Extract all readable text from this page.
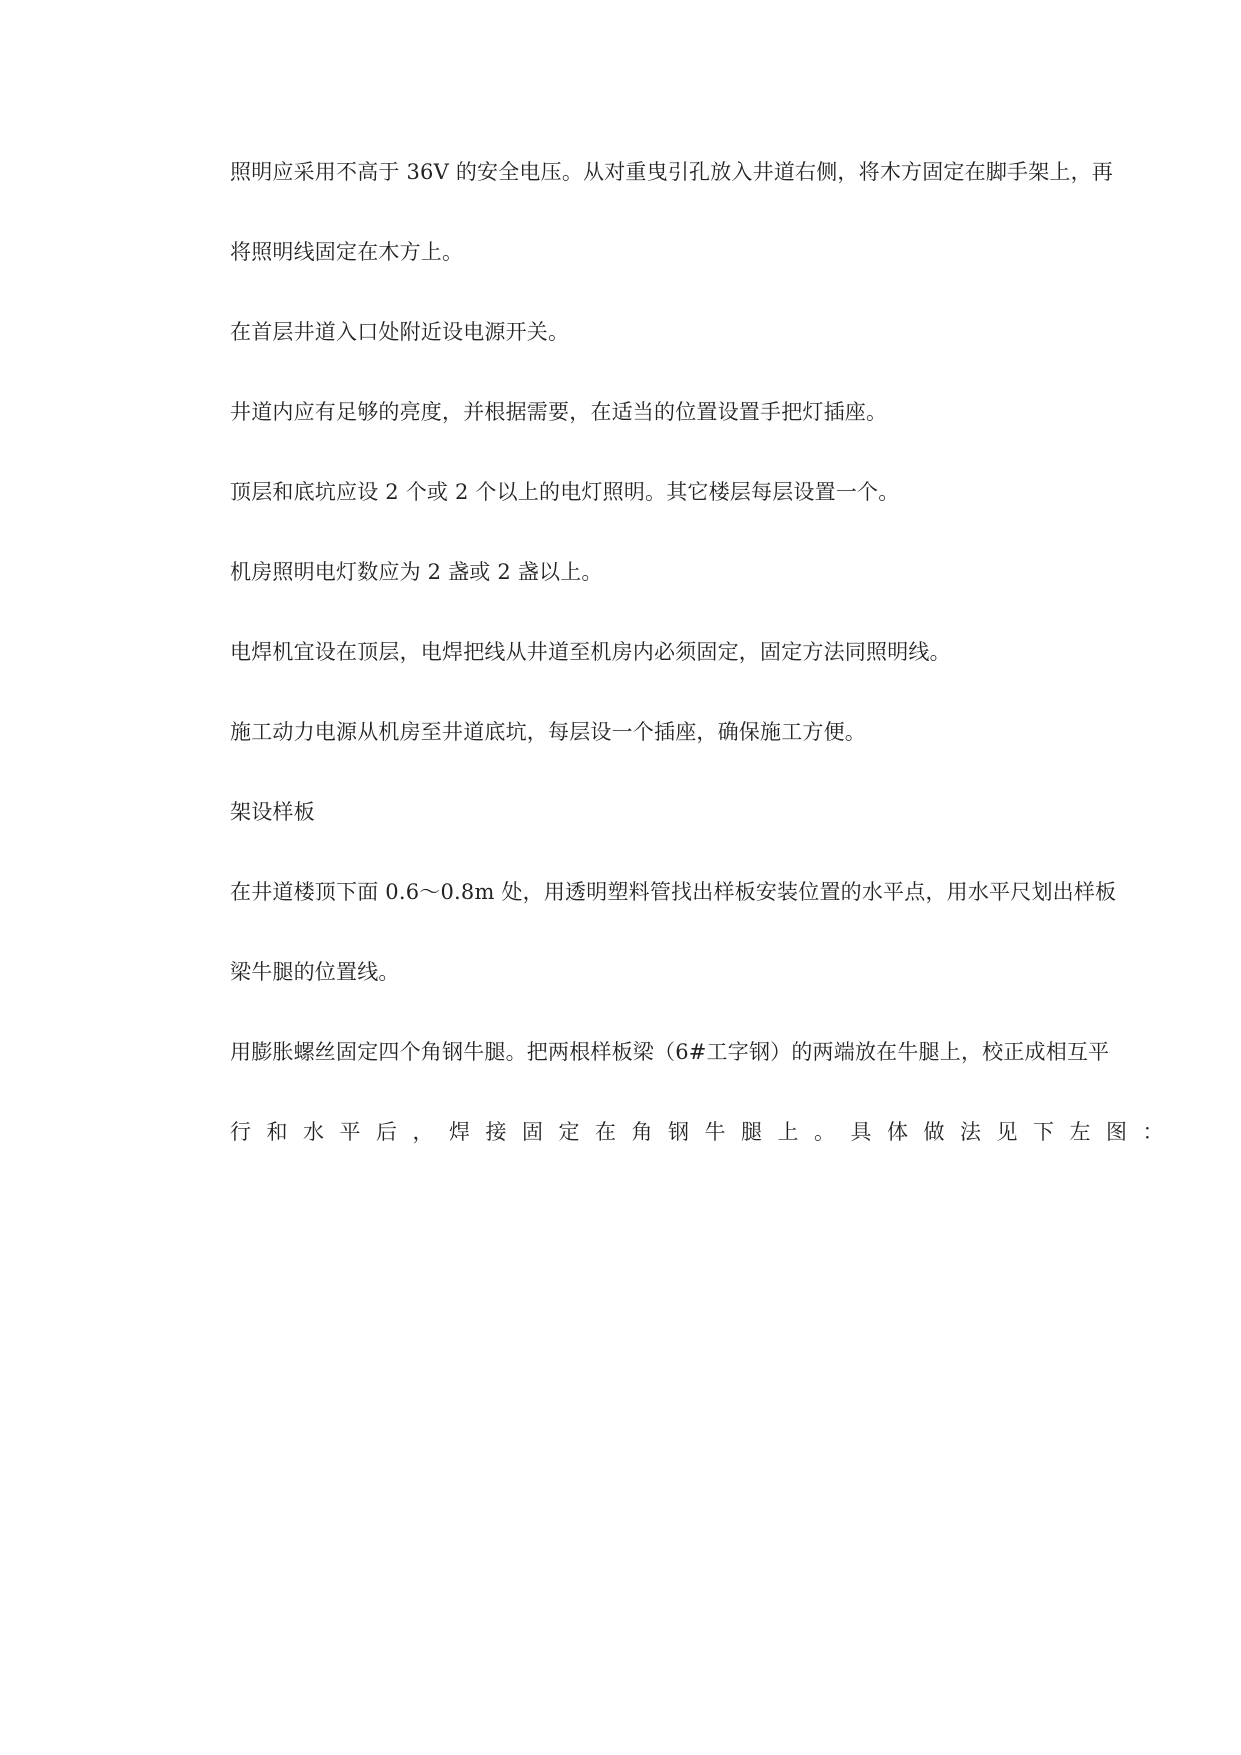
照明应采用不高于 36V 的安全电压。从对重曳引孔放入井道右侧，将木方固定在脚手架上，再
将照明线固定在木方上。
在首层井道入口处附近设电源开关。
井道内应有足够的亮度，并根据需要，在适当的位置设置手把灯插座。
顶层和底坑应设 2 个或 2 个以上的电灯照明。其它楼层每层设置一个。
机房照明电灯数应为 2 盏或 2 盏以上。
电焊机宜设在顶层，电焊把线从井道至机房内必须固定，固定方法同照明线。
施工动力电源从机房至井道底坑，每层设一个插座，确保施工方便。
架设样板
在井道楼顶下面 0.6～0.8m 处，用透明塑料管找出样板安装位置的水平点，用水平尺划出样板
梁牛腿的位置线。
用膨胀螺丝固定四个角钢牛腿。把两根样板梁（6#工字钢）的两端放在牛腿上，校正成相互平
行和水平后，焊接固定在角钢牛腿上。具体做法见下左图：
